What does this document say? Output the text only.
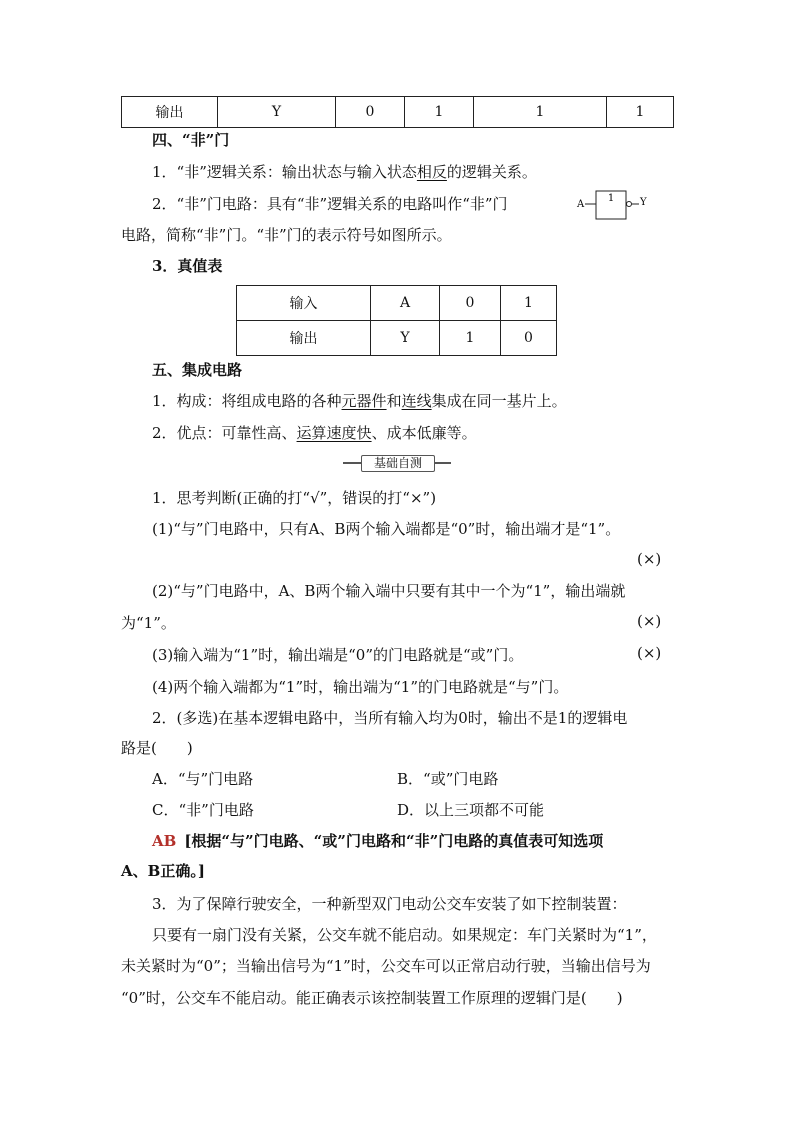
输出	Y	0	1	1	1
四、“非”门
1．“非”逻辑关系：输出状态与输入状态相反的逻辑关系。
2．“非”门电路：具有“非”逻辑关系的电路叫作“非”门
电路，简称“非”门。“非”门的表示符号如图所示。
A
1	Y
3．真值表
输入	A	0	1
输出	Y	1	0
五、集成电路
1．构成：将组成电路的各种元器件和连线集成在同一基片上。
2．优点：可靠性高、运算速度快、成本低廉等。
基础自测
1．思考判断(正确的打“√”，错误的打“×”)
(1)“与”门电路中，只有A、B两个输入端都是“0”时，输出端才是“1”。
(×)
(2)“与”门电路中，A、B两个输入端中只要有其中一个为“1”，输出端就
为“1”。	(×)
(3)输入端为“1”时，输出端是“0”的门电路就是“或”门。	(×)
(4)两个输入端都为“1”时，输出端为“1”的门电路就是“与”门。
2．(多选)在基本逻辑电路中，当所有输入均为0时，输出不是1的逻辑电
路是(　　)
A．“与”门电路	B．“或”门电路
C．“非”门电路	D．以上三项都不可能
AB [根据“与”门电路、“或”门电路和“非”门电路的真值表可知选项
A、B正确。]
3．为了保障行驶安全，一种新型双门电动公交车安装了如下控制装置：
只要有一扇门没有关紧，公交车就不能启动。如果规定：车门关紧时为“1”，
未关紧时为“0”；当输出信号为“1”时，公交车可以正常启动行驶，当输出信号为
“0”时，公交车不能启动。能正确表示该控制装置工作原理的逻辑门是(　　)
